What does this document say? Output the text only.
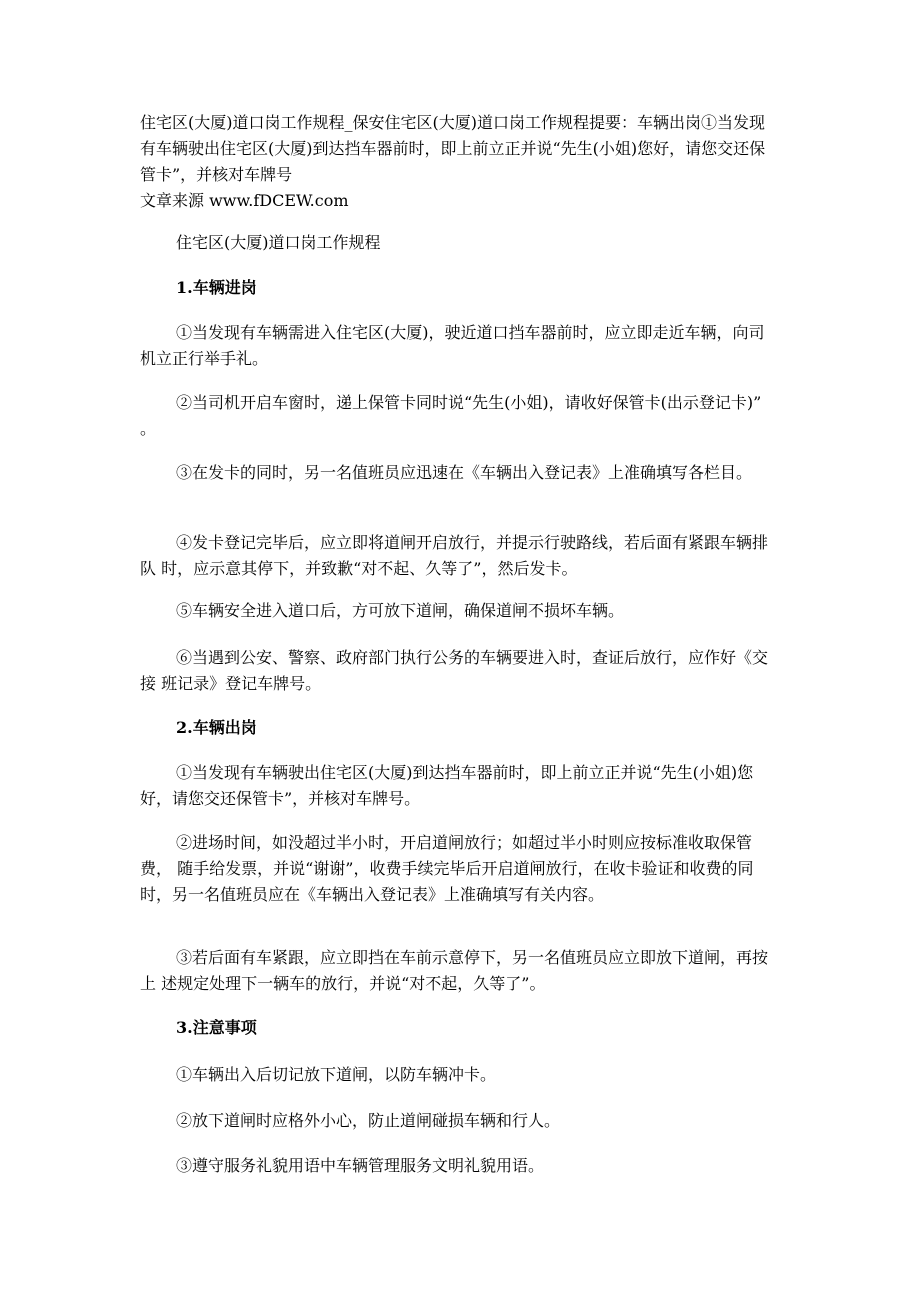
住宅区(大厦)道口岗工作规程_保安住宅区(大厦)道口岗工作规程提要：车辆出岗①当发现有车辆驶出住宅区(大厦)到达挡车器前时，即上前立正并说“先生(小姐)您好，请您交还保管卡”，并核对车牌号
文章来源 www.fDCEW.com
住宅区(大厦)道口岗工作规程
1.车辆进岗
①当发现有车辆需进入住宅区(大厦)，驶近道口挡车器前时，应立即走近车辆，向司机立正行举手礼。
②当司机开启车窗时，递上保管卡同时说“先生(小姐)，请收好保管卡(出示登记卡)” 。
③在发卡的同时，另一名值班员应迅速在《车辆出入登记表》上准确填写各栏目。
④发卡登记完毕后，应立即将道闸开启放行，并提示行驶路线，若后面有紧跟车辆排队 时，应示意其停下，并致歉“对不起、久等了”，然后发卡。
⑤车辆安全进入道口后，方可放下道闸，确保道闸不损坏车辆。
⑥当遇到公安、警察、政府部门执行公务的车辆要进入时，查证后放行，应作好《交接 班记录》登记车牌号。
2.车辆出岗
①当发现有车辆驶出住宅区(大厦)到达挡车器前时，即上前立正并说“先生(小姐)您好，请您交还保管卡”，并核对车牌号。
②进场时间，如没超过半小时，开启道闸放行；如超过半小时则应按标准收取保管费， 随手给发票，并说“谢谢”，收费手续完毕后开启道闸放行，在收卡验证和收费的同时，另一名值班员应在《车辆出入登记表》上准确填写有关内容。
③若后面有车紧跟，应立即挡在车前示意停下，另一名值班员应立即放下道闸，再按上 述规定处理下一辆车的放行，并说“对不起，久等了”。
3.注意事项
①车辆出入后切记放下道闸，以防车辆冲卡。
②放下道闸时应格外小心，防止道闸碰损车辆和行人。
③遵守服务礼貌用语中车辆管理服务文明礼貌用语。
